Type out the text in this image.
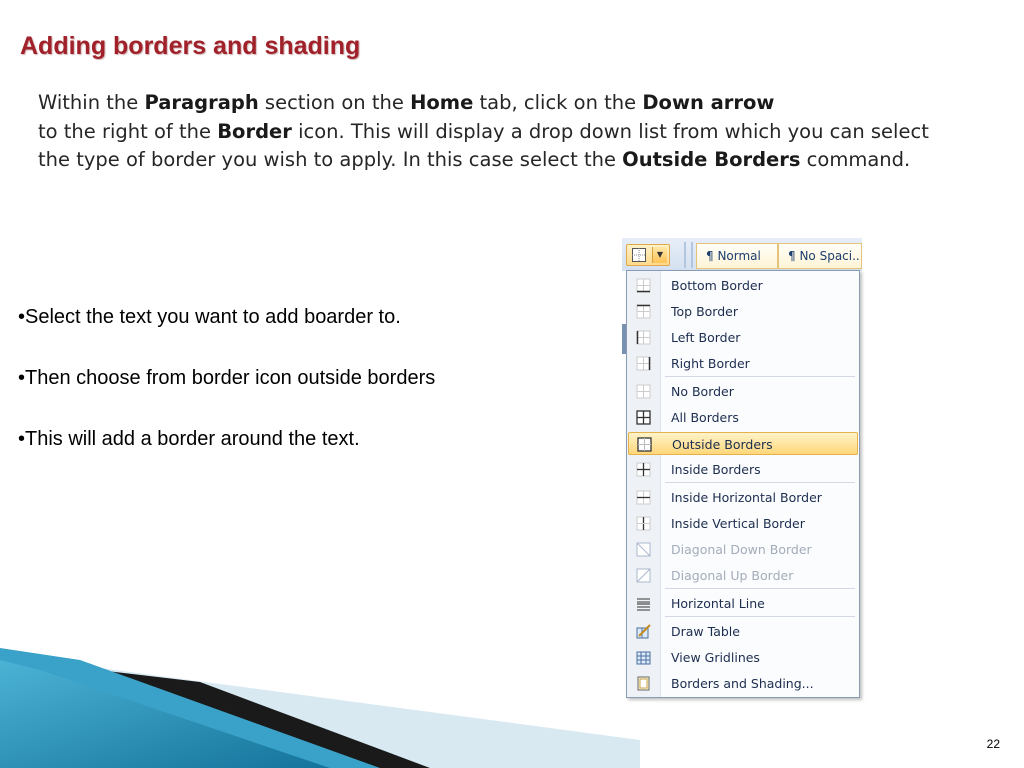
Adding borders and shading

Within the Paragraph section on the Home tab, click on the Down arrow
to the right of the Border icon. This will display a drop down list from which you can select the type of border you wish to apply. In this case select the Outside Borders command.

•Select the text you want to add boarder to.
•Then choose from border icon outside borders
•This will add a border around the text.
▼	¶ Normal	¶ No Spaci..
Bottom Border
Top Border
Left Border
Right Border
No Border
All Borders
Outside Borders
Inside Borders
Inside Horizontal Border
Inside Vertical Border
Diagonal Down Border
Diagonal Up Border
Horizontal Line
Draw Table
View Gridlines
Borders and Shading...
22
